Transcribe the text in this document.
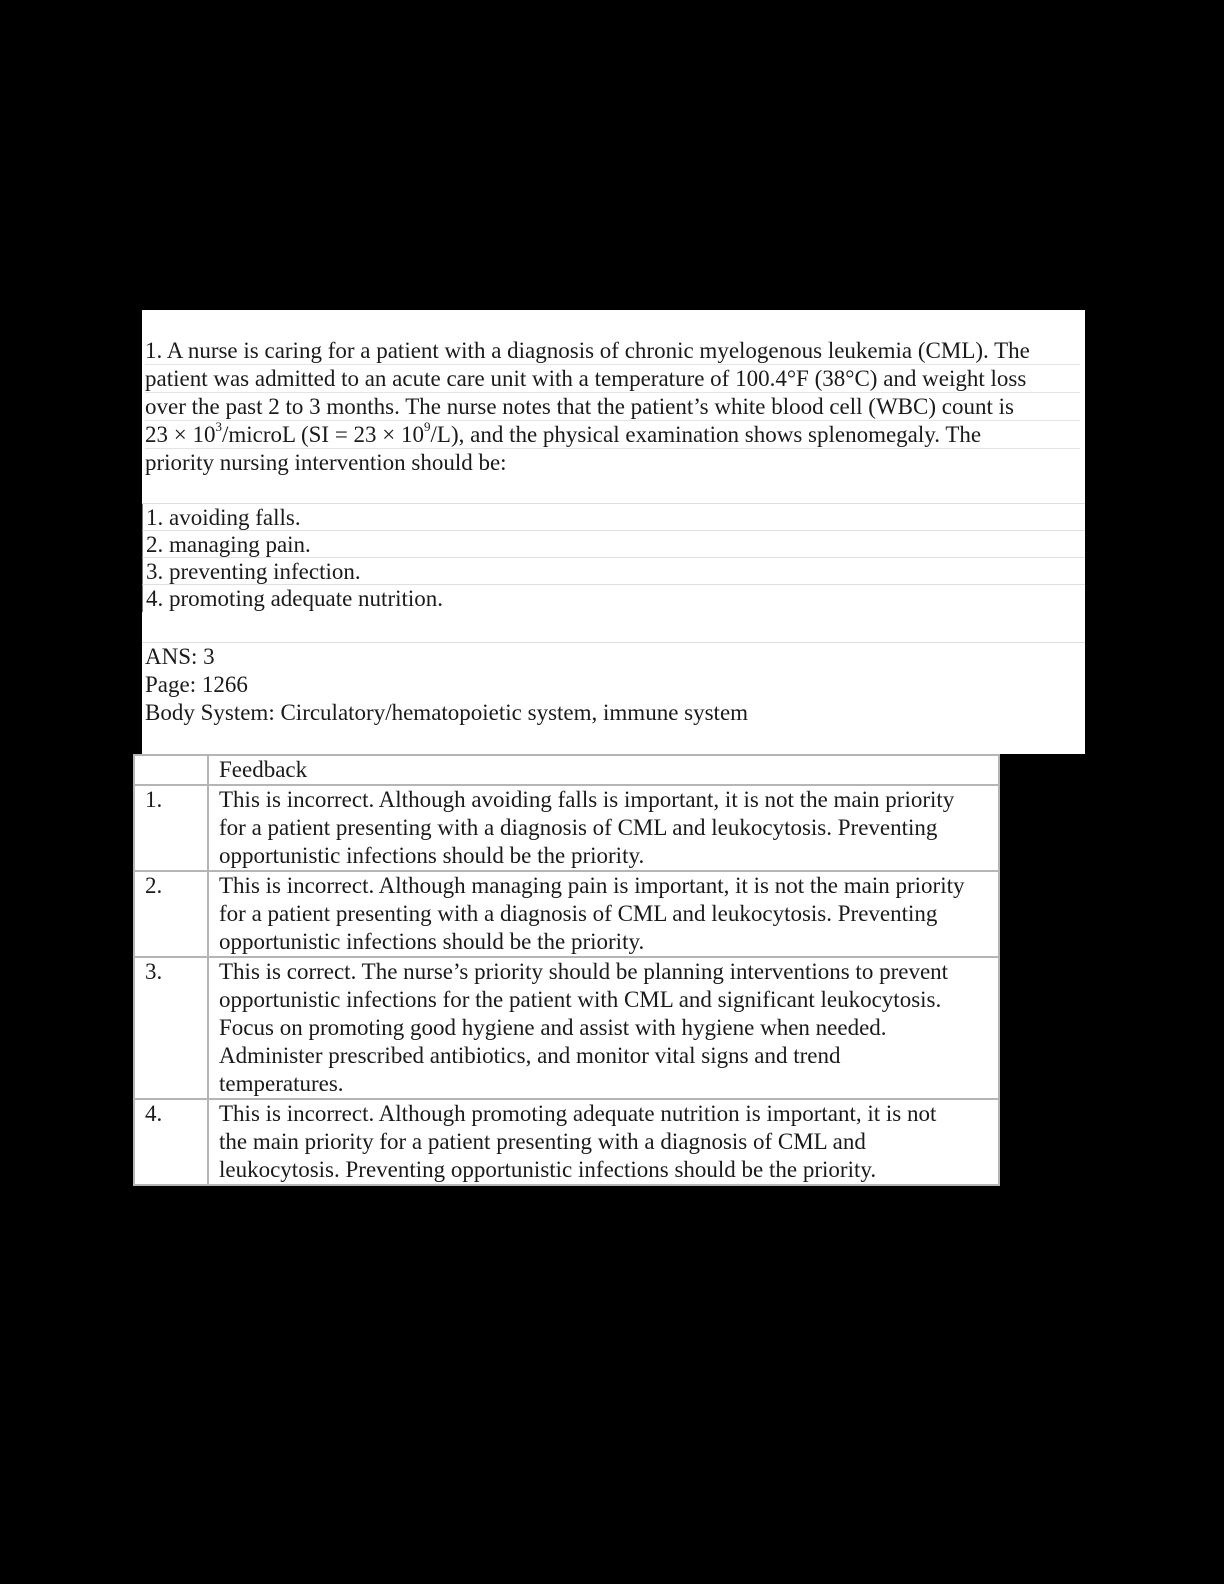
1. A nurse is caring for a patient with a diagnosis of chronic myelogenous leukemia (CML). The
patient was admitted to an acute care unit with a temperature of 100.4°F (38°C) and weight loss
over the past 2 to 3 months. The nurse notes that the patient’s white blood cell (WBC) count is
$23 \times 10^3$/microL $(SI = 23 \times 10^9/L)$, and the physical examination shows splenomegaly. The
priority nursing intervention should be:
1. avoiding falls.
2. managing pain.
3. preventing infection.
4. promoting adequate nutrition.
ANS: 3
Page: 1266
Body System: Circulatory/hematopoietic system, immune system
	Feedback
1.	This is incorrect. Although avoiding falls is important, it is not the main priority
for a patient presenting with a diagnosis of CML and leukocytosis. Preventing
opportunistic infections should be the priority.

2.	This is incorrect. Although managing pain is important, it is not the main priority
for a patient presenting with a diagnosis of CML and leukocytosis. Preventing
opportunistic infections should be the priority.

3.	This is correct. The nurse’s priority should be planning interventions to prevent
opportunistic infections for the patient with CML and significant leukocytosis.
Focus on promoting good hygiene and assist with hygiene when needed.
Administer prescribed antibiotics, and monitor vital signs and trend
temperatures.

4.	This is incorrect. Although promoting adequate nutrition is important, it is not
the main priority for a patient presenting with a diagnosis of CML and
leukocytosis. Preventing opportunistic infections should be the priority.
